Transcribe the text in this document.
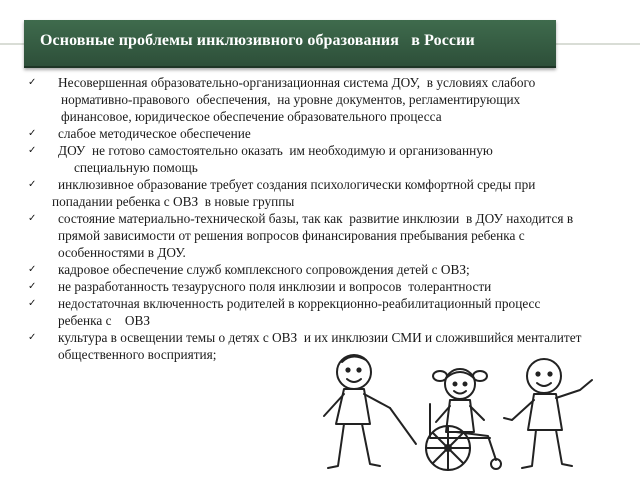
Основные проблемы инклюзивного образования   в России
✓	Несовершенная образовательно-организационная система ДОУ,  в условиях слабого
нормативно-правового  обеспечения,  на уровне документов, регламентирующих
финансовое, юридическое обеспечение образовательного процесса
✓	слабое методическое обеспечение
✓	ДОУ  не готово самостоятельно оказать  им необходимую и организованную
специальную помощь
✓	инклюзивное образование требует создания психологически комфортной среды при
попадании ребенка с ОВЗ  в новые группы
✓	состояние материально-технической базы, так как  развитие инклюзии  в ДОУ находится в
прямой зависимости от решения вопросов финансирования пребывания ребенка с
особенностями в ДОУ.
✓	кадровое обеспечение служб комплексного сопровождения детей с ОВЗ;
✓	не разработанность тезаурусного поля инклюзии и вопросов  толерантности
✓	недостаточная включенность родителей в коррекционно-реабилитационный процесс
ребенка с    ОВЗ
✓	культура в освещении темы о детях с ОВЗ  и их инклюзии СМИ и сложившийся менталитет
общественного восприятия;
